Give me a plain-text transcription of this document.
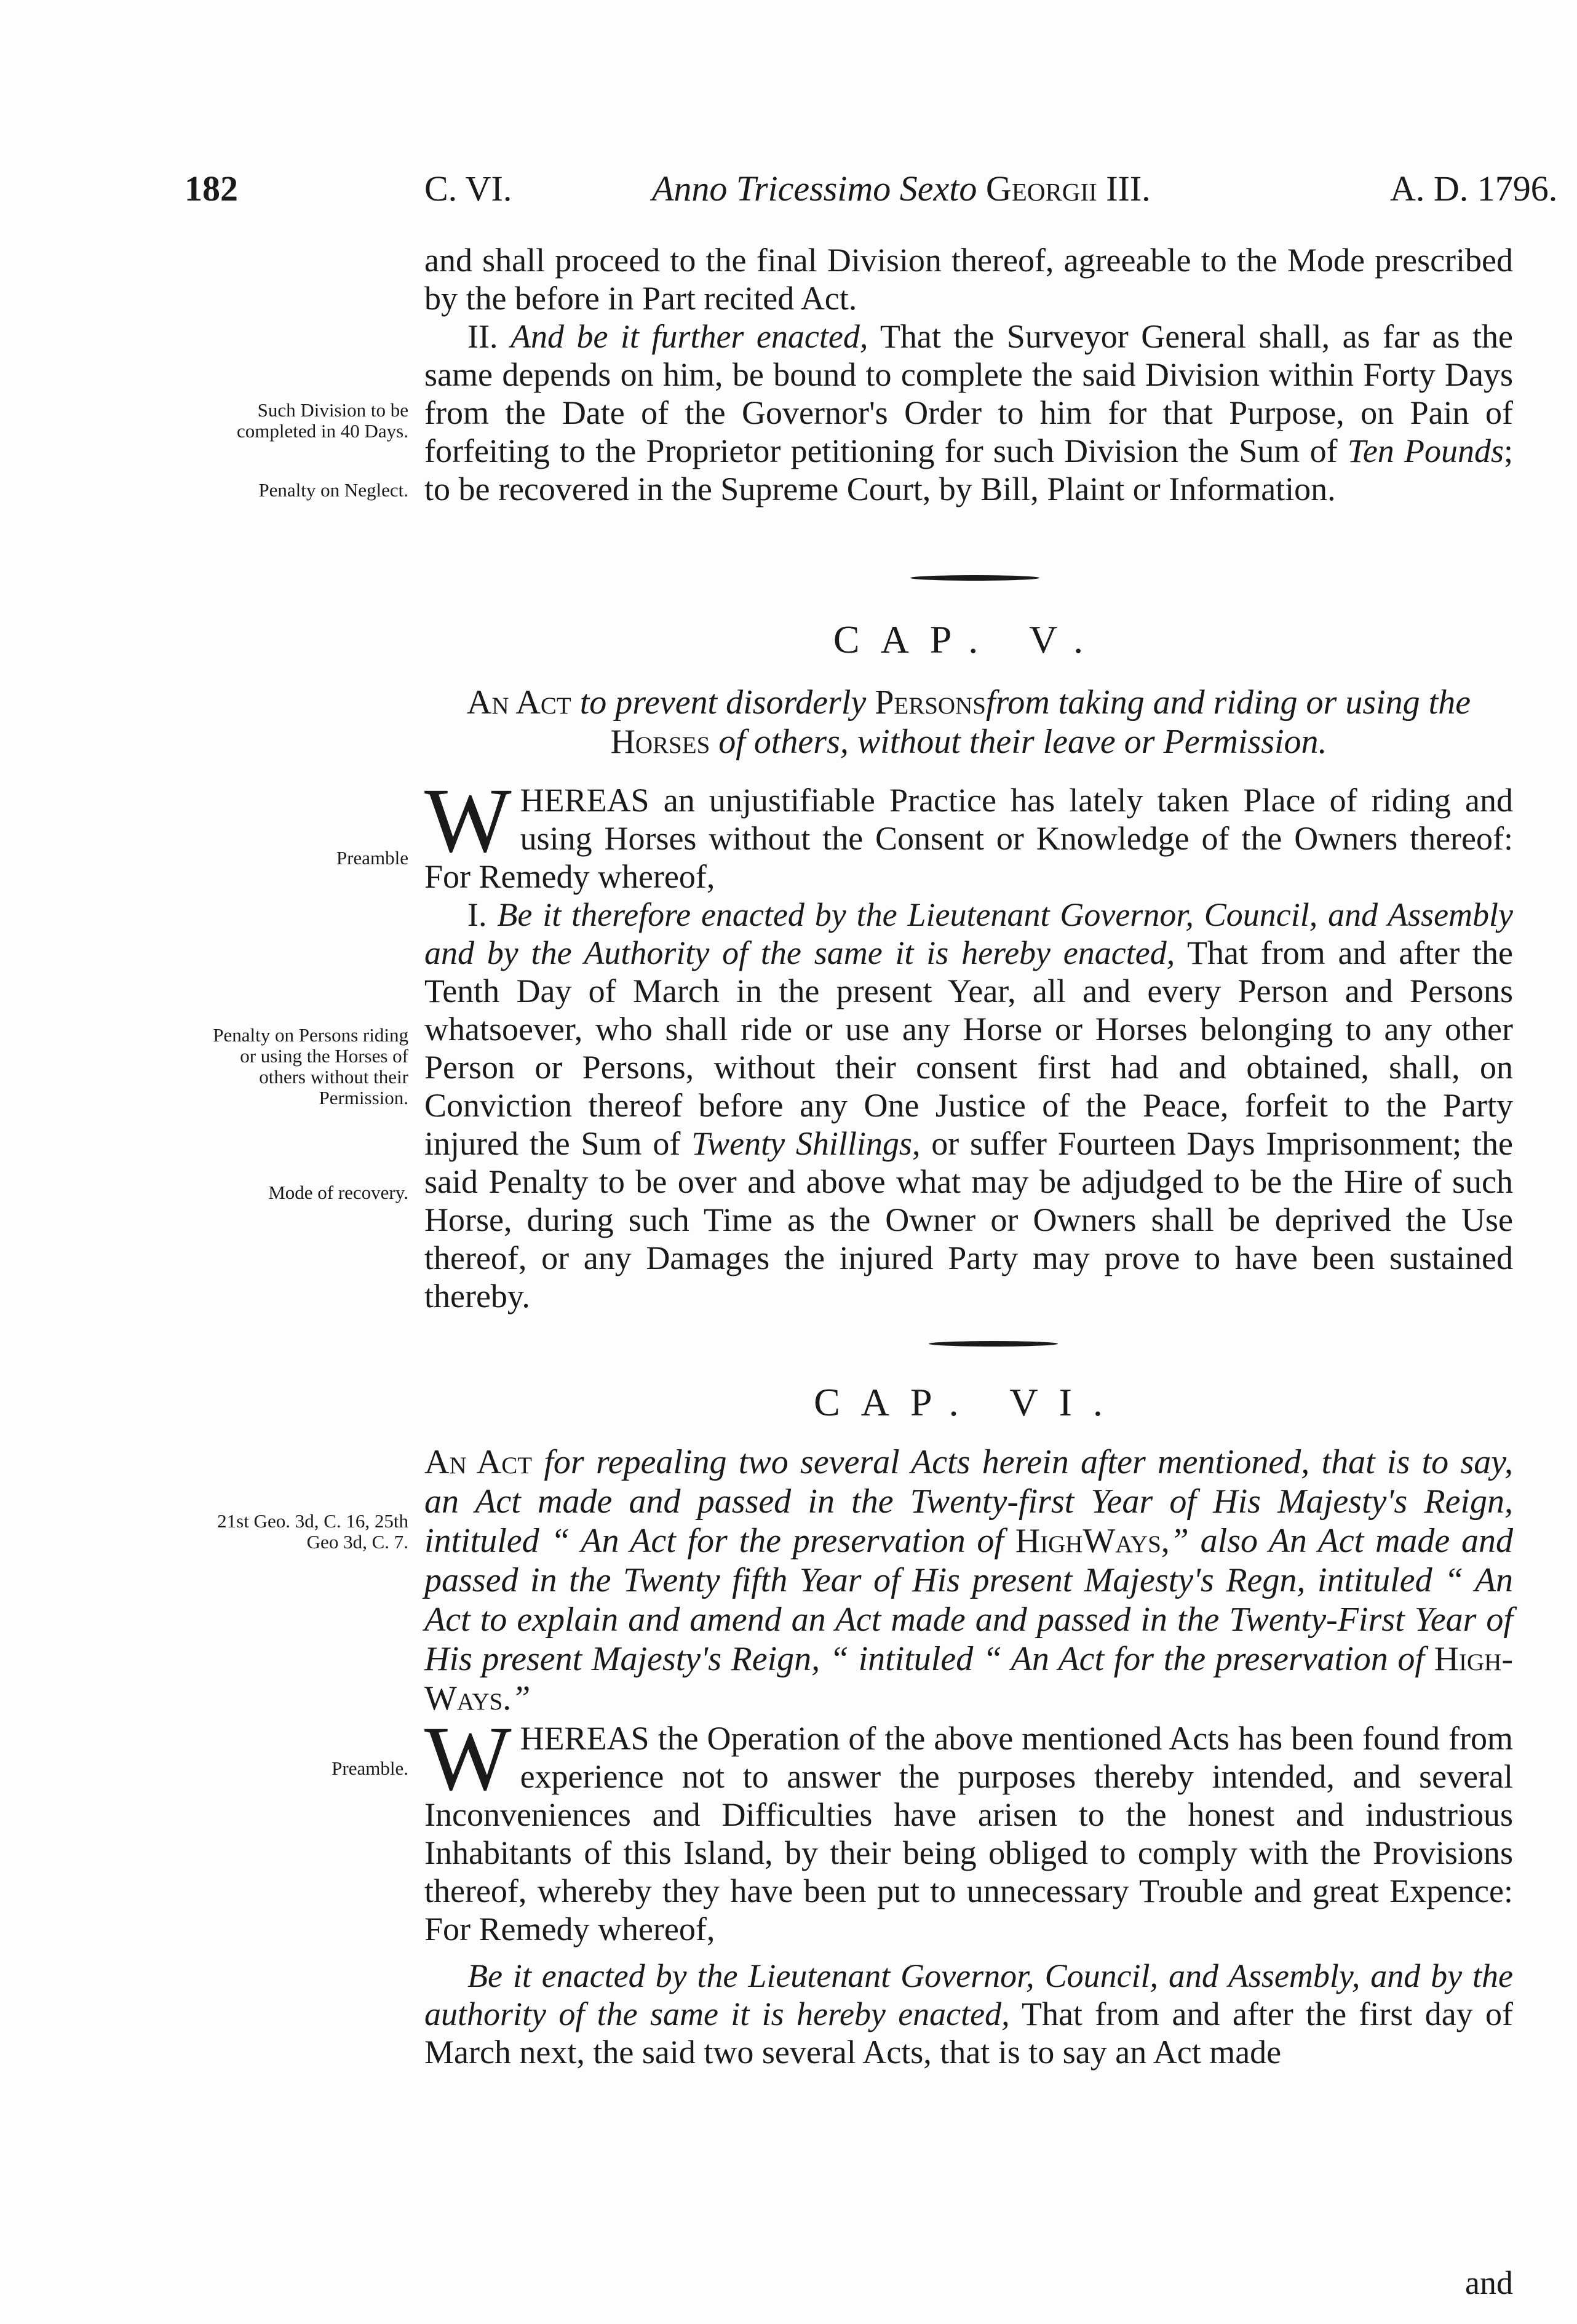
182	C. VI.	Anno Tricessimo Sexto Georgii III.	A. D. 1796.

and shall proceed to the final Division thereof, agreeable to the Mode prescribed by the before in Part recited Act.

II. And be it further enacted, That the Surveyor General shall, as far as the same depends on him, be bound to complete the said Division within Forty Days from the Date of the Governor's Order to him for that Purpose, on Pain of forfeiting to the Proprietor petitioning for such Division the Sum of Ten Pounds; to be recovered in the Supreme Court, by Bill, Plaint or Information.

Such Division to be completed in 40 Days.
Penalty on Neglect.
CAP. V.
An Act to prevent disorderly Personsfrom taking and riding or using the Horses of others, without their leave or Permission.

WHEREAS an unjustifiable Practice has lately taken Place of riding and using Horses without the Consent or Knowledge of the Owners thereof: For Remedy whereof,

I. Be it therefore enacted by the Lieutenant Governor, Council, and Assembly and by the Authority of the same it is hereby enacted, That from and after the Tenth Day of March in the present Year, all and every Person and Persons whatsoever, who shall ride or use any Horse or Horses belonging to any other Person or Persons, without their consent first had and obtained, shall, on Conviction thereof before any One Justice of the Peace, forfeit to the Party injured the Sum of Twenty Shillings, or suffer Fourteen Days Imprisonment; the said Penalty to be over and above what may be adjudged to be the Hire of such Horse, during such Time as the Owner or Owners shall be deprived the Use thereof, or any Damages the injured Party may prove to have been sustained thereby.

Preamble
Penalty on Persons riding or using the Horses of others without their Permission.
Mode of recovery.
CAP. VI.
An Act for repealing two several Acts herein after mentioned, that is to say, an Act made and passed in the Twenty-first Year of His Majesty's Reign, intituled “ An Act for the preservation of HighWays,” also An Act made and passed in the Twenty fifth Year of His present Majesty's Regn, intituled “ An Act to explain and amend an Act made and passed in the Twenty-First Year of His present Majesty's Reign, “ intituled “ An Act for the preservation of High-Ways.”
21st Geo. 3d, C. 16, 25th Geo 3d, C. 7.

WHEREAS the Operation of the above mentioned Acts has been found from experience not to answer the purposes thereby intended, and several Inconveniences and Difficulties have arisen to the honest and industrious Inhabitants of this Island, by their being obliged to comply with the Provisions thereof, whereby they have been put to unnecessary Trouble and great Expence: For Remedy whereof,

Be it enacted by the Lieutenant Governor, Council, and Assembly, and by the authority of the same it is hereby enacted, That from and after the first day of March next, the said two several Acts, that is to say an Act made

Preamble.
and
